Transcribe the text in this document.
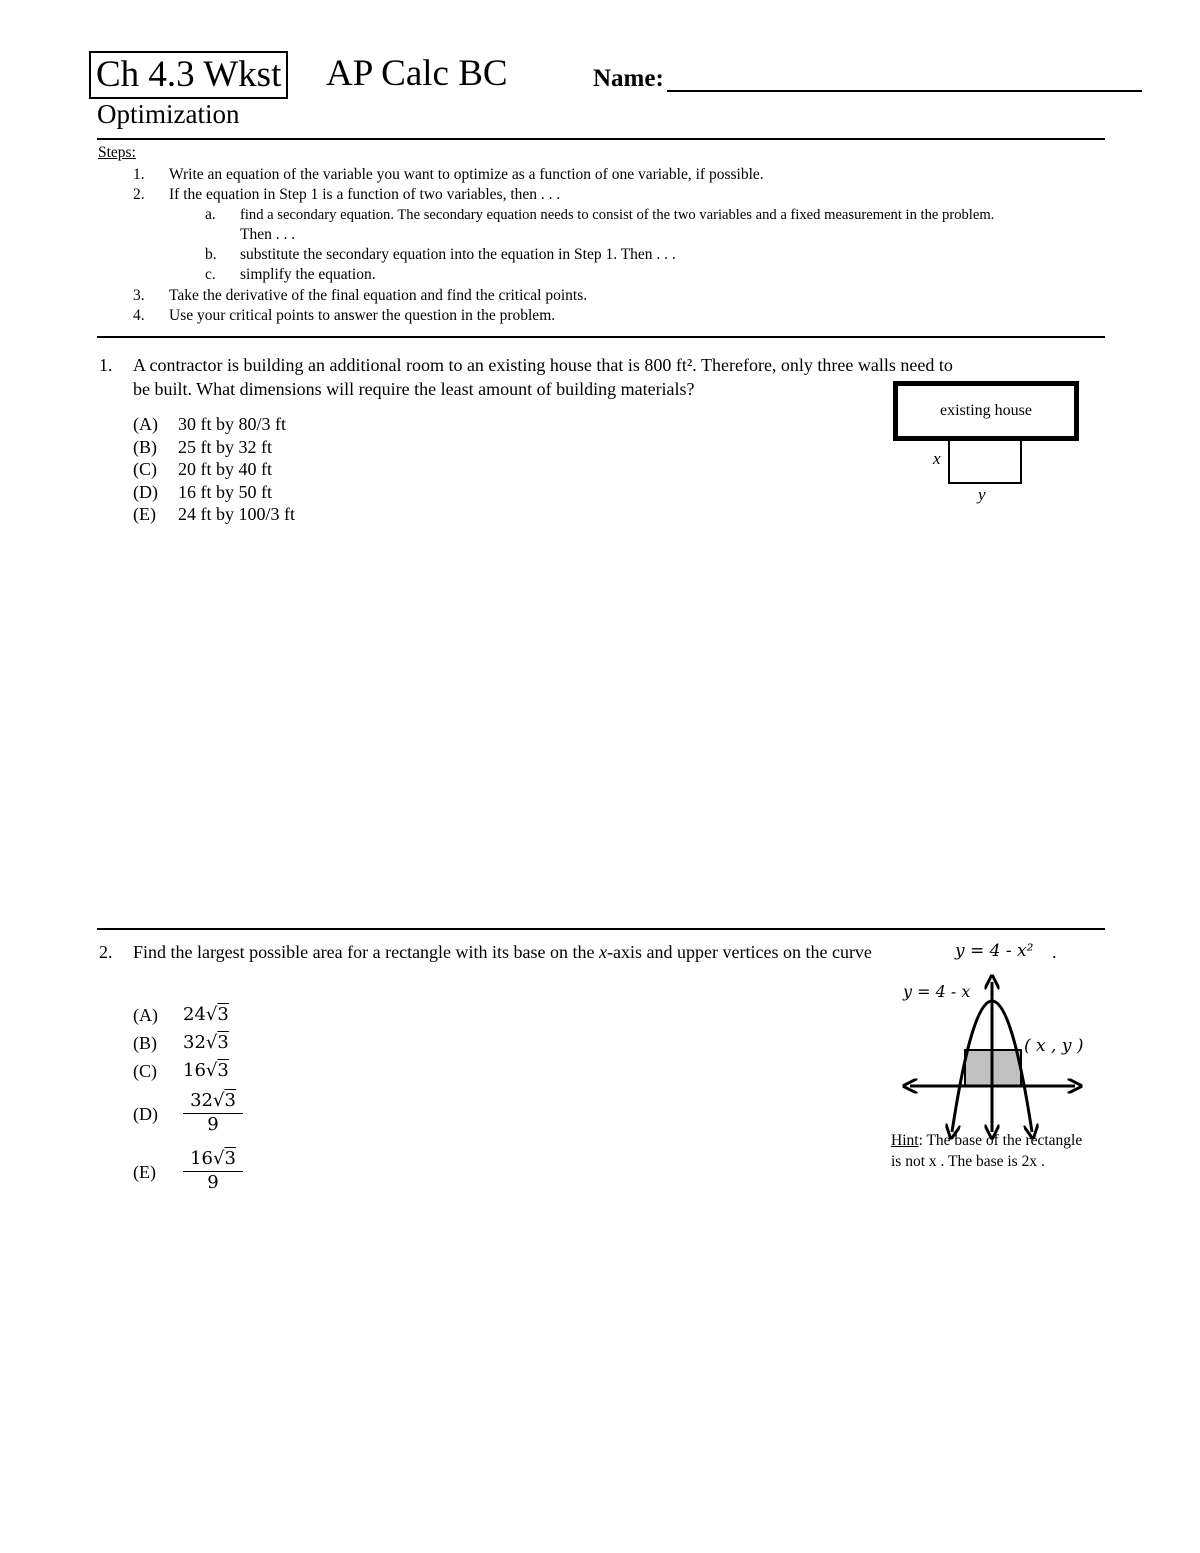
Ch 4.3 Wkst AP Calc BC	Name:
Optimization
Steps:
1. Write an equation of the variable you want to optimize as a function of one variable, if possible.
2. If the equation in Step 1 is a function of two variables, then . . .
a. find a secondary equation. The secondary equation needs to consist of the two variables and a fixed measurement in the problem.
Then . . .
b. substitute the secondary equation into the equation in Step 1. Then . . .
c. simplify the equation.
3. Take the derivative of the final equation and find the critical points.
4. Use your critical points to answer the question in the problem.
1. A contractor is building an additional room to an existing house that is 800 ft². Therefore, only three walls need to
be built. What dimensions will require the least amount of building materials?
(A) 30 ft by 80/3 ft
(B) 25 ft by 32 ft
(C) 20 ft by 40 ft
(D) 16 ft by 50 ft
(E) 24 ft by 100/3 ft
existing house
x
y
2. Find the largest possible area for a rectangle with its base on the x-axis and upper vertices on the curve	y = 4 - x² .
(A) 24√3
(B) 32√3
(C) 16√3
$(D) \frac{32√3}{9}$
$(E) \frac{16√3}{9}$
y = 4 - x
( x , y )
Hint: The base of the rectangle
is not x . The base is 2x .
